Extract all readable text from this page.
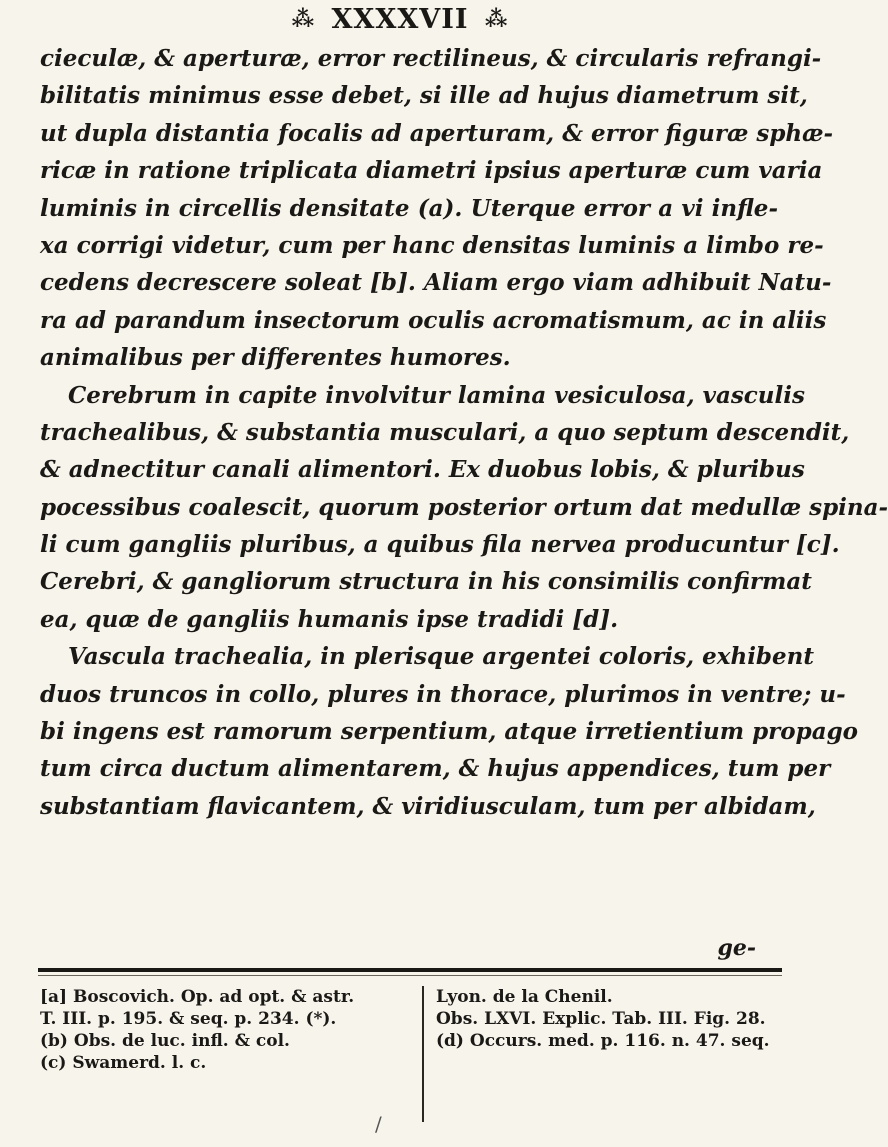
⁂ XXXXVII ⁂
cieculæ, & aperturæ, error rectilineus, & circularis refrangi-
bilitatis minimus esse debet, si ille ad hujus diametrum sit,
ut dupla distantia focalis ad aperturam, & error figuræ sphæ-
ricæ in ratione triplicata diametri ipsius aperturæ cum varia
luminis in circellis densitate (a). Uterque error a vi infle-
xa corrigi videtur, cum per hanc densitas luminis a limbo re-
cedens decrescere soleat [b]. Aliam ergo viam adhibuit Natu-
ra ad parandum insectorum oculis acromatismum, ac in aliis
animalibus per differentes humores.
Cerebrum in capite involvitur lamina vesiculosa, vasculis
trachealibus, & substantia musculari, a quo septum descendit,
& adnectitur canali alimentori. Ex duobus lobis, & pluribus
pocessibus coalescit, quorum posterior ortum dat medullæ spina-
li cum gangliis pluribus, a quibus fila nervea producuntur [c].
Cerebri, & gangliorum structura in his consimilis confirmat
ea, quæ de gangliis humanis ipse tradidi [d].
Vascula trachealia, in plerisque argentei coloris, exhibent
duos truncos in collo, plures in thorace, plurimos in ventre; u-
bi ingens est ramorum serpentium, atque irretientium propago
tum circa ductum alimentarem, & hujus appendices, tum per
substantiam flavicantem, & viridiusculam, tum per albidam,
ge-
[a] Boscovich. Op. ad opt. & astr.
T. III. p. 195. & seq. p. 234. (*).
(b) Obs. de luc. infl. & col.
(c) Swamerd. l. c.
Lyon. de la Chenil.
Obs. LXVI. Explic. Tab. III. Fig. 28.
(d) Occurs. med. p. 116. n. 47. seq.
/
